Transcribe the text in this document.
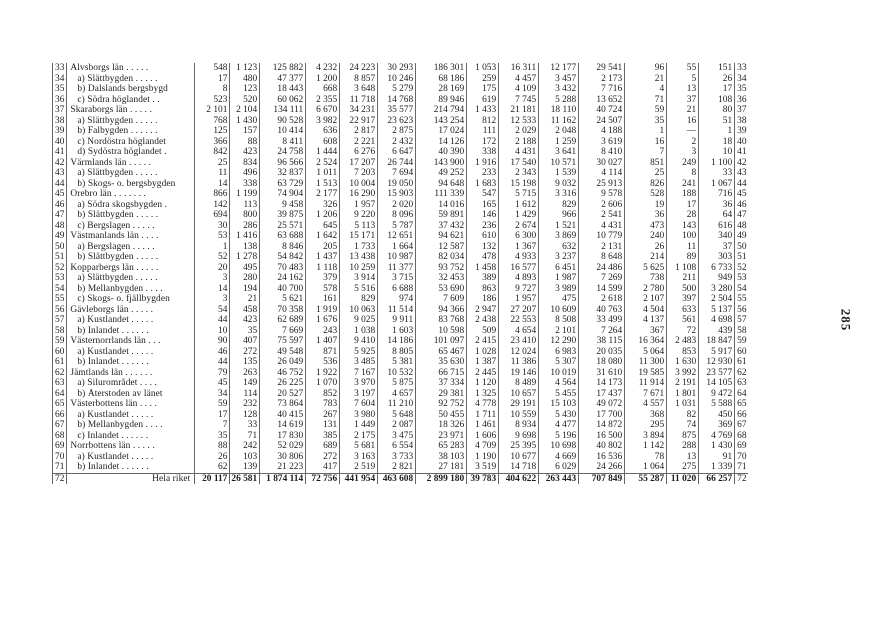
33	Älvsborgs län . . . . .	548	1 123	125 882	4 232	24 223	30 293	186 301	1 053	16 311	12 177	29 541	96	55	151	33
34	a) Slättbygden . . . . .	17	480	47 377	1 200	8 857	10 246	68 186	259	4 457	3 457	2 173	21	5	26	34
35	b) Dalslands bergsbygd	8	123	18 443	668	3 648	5 279	28 169	175	4 109	3 432	7 716	4	13	17	35
36	c) Södra höglandet . .	523	520	60 062	2 355	11 718	14 768	89 946	619	7 745	5 288	13 652	71	37	108	36
37	Skaraborgs län . . . . .	2 101	2 104	134 111	6 670	34 231	35 577	214 794	1 433	21 181	18 110	40 724	59	21	80	37
38	a) Slättbygden . . . . .	768	1 430	90 528	3 982	22 917	23 623	143 254	812	12 533	11 162	24 507	35	16	51	38
39	b) Falbygden . . . . . .	125	157	10 414	636	2 817	2 875	17 024	111	2 029	2 048	4 188	1	—	1	39
40	c) Nordöstra höglandet	366	88	8 411	608	2 221	2 432	14 126	172	2 188	1 259	3 619	16	2	18	40
41	d) Sydöstra höglandet .	842	423	24 758	1 444	6 276	6 647	40 390	338	4 431	3 641	8 410	7	3	10	41
42	Värmlands län . . . . .	25	834	96 566	2 524	17 207	26 744	143 900	1 916	17 540	10 571	30 027	851	249	1 100	42
43	a) Slättbygden . . . . .	11	496	32 837	1 011	7 203	7 694	49 252	233	2 343	1 539	4 114	25	8	33	43
44	b) Skogs- o. bergsbygden	14	338	63 729	1 513	10 004	19 050	94 648	1 683	15 198	9 032	25 913	826	241	1 067	44
45	Örebro län . . . . . . .	866	1 199	74 904	2 177	16 290	15 903	111 339	547	5 715	3 316	9 578	528	188	716	45
46	a) Södra skogsbygden .	142	113	9 458	326	1 957	2 020	14 016	165	1 612	829	2 606	19	17	36	46
47	b) Slättbygden . . . . .	694	800	39 875	1 206	9 220	8 096	59 891	146	1 429	966	2 541	36	28	64	47
48	c) Bergslagen . . . . .	30	286	25 571	645	5 113	5 787	37 432	236	2 674	1 521	4 431	473	143	616	48
49	Västmanlands län . . . .	53	1 416	63 688	1 642	15 171	12 651	94 621	610	6 300	3 869	10 779	240	100	340	49
50	a) Bergslagen . . . . .	1	138	8 846	205	1 733	1 664	12 587	132	1 367	632	2 131	26	11	37	50
51	b) Slättbygden . . . . .	52	1 278	54 842	1 437	13 438	10 987	82 034	478	4 933	3 237	8 648	214	89	303	51
52	Kopparbergs län . . . . .	20	495	70 483	1 118	10 259	11 377	93 752	1 458	16 577	6 451	24 486	5 625	1 108	6 733	52
53	a) Slättbygden . . . . .	3	280	24 162	379	3 914	3 715	32 453	389	4 893	1 987	7 269	738	211	949	53
54	b) Mellanbygden . . . .	14	194	40 700	578	5 516	6 688	53 690	863	9 727	3 989	14 599	2 780	500	3 280	54
55	c) Skogs- o. fjällbygden	3	21	5 621	161	829	974	7 609	186	1 957	475	2 618	2 107	397	2 504	55
56	Gävleborgs län . . . . .	54	458	70 358	1 919	10 063	11 514	94 366	2 947	27 207	10 609	40 763	4 504	633	5 137	56
57	a) Kustlandet . . . . .	44	423	62 689	1 676	9 025	9 911	83 768	2 438	22 553	8 508	33 499	4 137	561	4 698	57
58	b) Inlandet . . . . . .	10	35	7 669	243	1 038	1 603	10 598	509	4 654	2 101	7 264	367	72	439	58
59	Västernorrlands län . . .	90	407	75 597	1 407	9 410	14 186	101 097	2 415	23 410	12 290	38 115	16 364	2 483	18 847	59
60	a) Kustlandet . . . . .	46	272	49 548	871	5 925	8 805	65 467	1 028	12 024	6 983	20 035	5 064	853	5 917	60
61	b) Inlandet . . . . . .	44	135	26 049	536	3 485	5 381	35 630	1 387	11 386	5 307	18 080	11 300	1 630	12 930	61
62	Jämtlands län . . . . . .	79	263	46 752	1 922	7 167	10 532	66 715	2 445	19 146	10 019	31 610	19 585	3 992	23 577	62
63	a) Silurområdet . . . .	45	149	26 225	1 070	3 970	5 875	37 334	1 120	8 489	4 564	14 173	11 914	2 191	14 105	63
64	b) Återstoden av länet	34	114	20 527	852	3 197	4 657	29 381	1 325	10 657	5 455	17 437	7 671	1 801	9 472	64
65	Västerbottens län . . . .	59	232	73 864	783	7 604	11 210	92 752	4 778	29 191	15 103	49 072	4 557	1 031	5 588	65
66	a) Kustlandet . . . . .	17	128	40 415	267	3 980	5 648	50 455	1 711	10 559	5 430	17 700	368	82	450	66
67	b) Mellanbygden . . . .	7	33	14 619	131	1 449	2 087	18 326	1 461	8 934	4 477	14 872	295	74	369	67
68	c) Inlandet . . . . . .	35	71	17 830	385	2 175	3 475	23 971	1 606	9 698	5 196	16 500	3 894	875	4 769	68
69	Norrbottens län . . . . .	88	242	52 029	689	5 681	6 554	65 283	4 709	25 395	10 698	40 802	1 142	288	1 430	69
70	a) Kustlandet . . . . .	26	103	30 806	272	3 163	3 733	38 103	1 190	10 677	4 669	16 536	78	13	91	70
71	b) Inlandet . . . . . .	62	139	21 223	417	2 519	2 821	27 181	3 519	14 718	6 029	24 266	1 064	275	1 339	71
72	Hela riket	20 117	26 581	1 874 114	72 756	441 954	463 608	2 899 180	39 783	404 622	263 443	707 849	55 287	11 020	66 257	72
285
